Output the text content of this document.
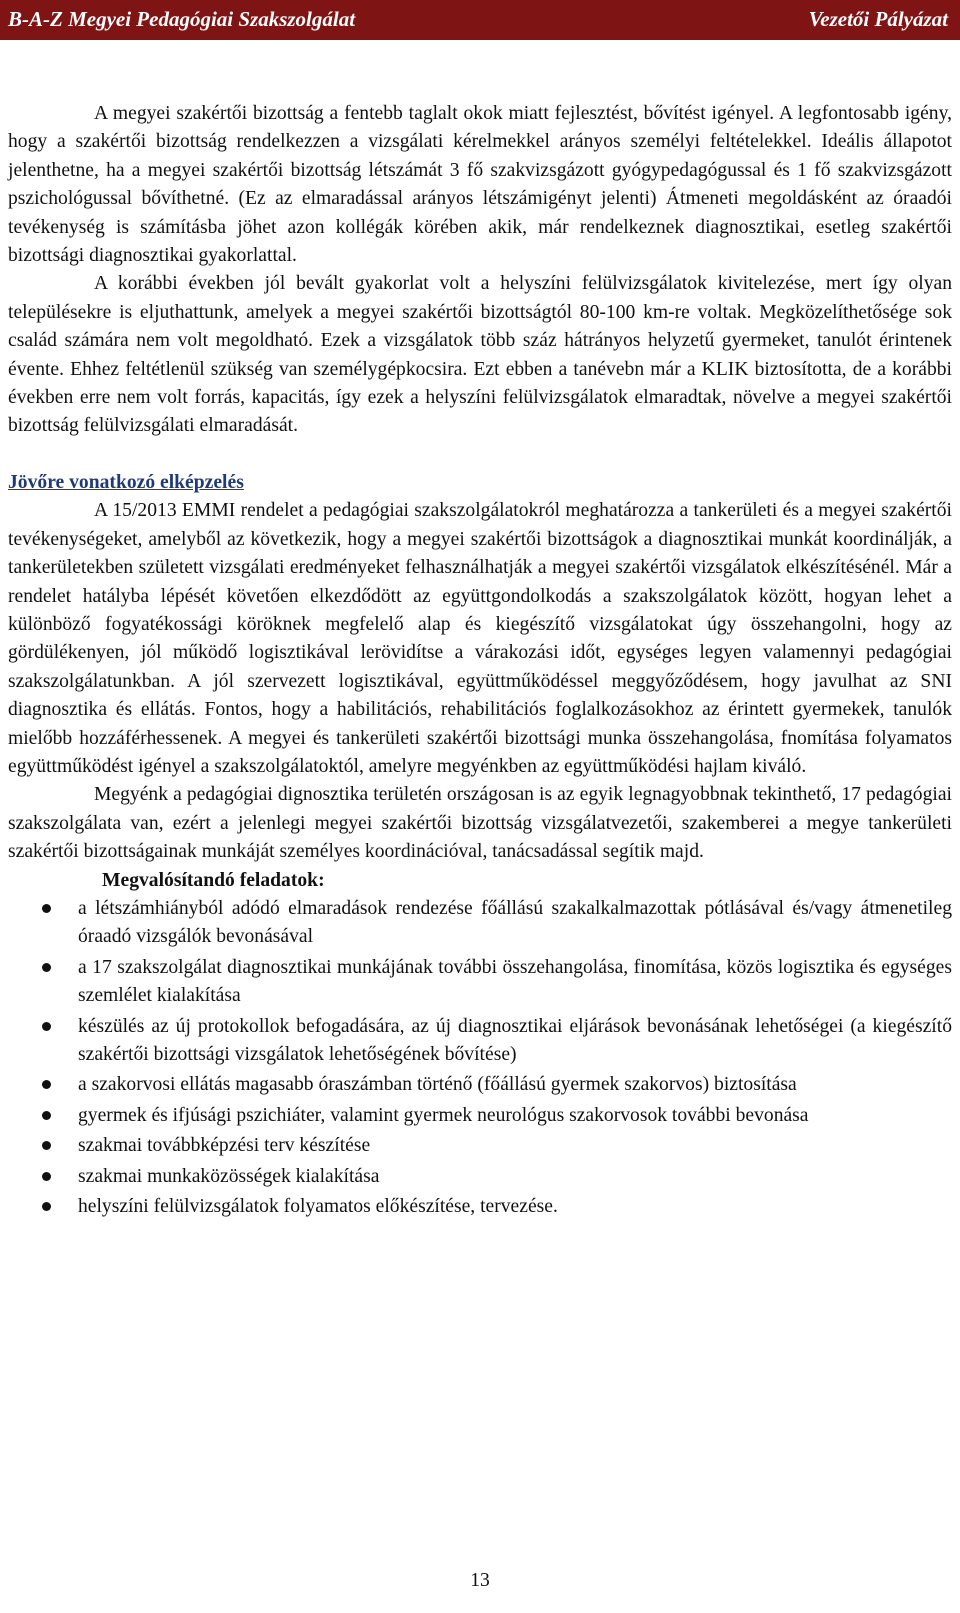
B-A-Z Megyei Pedagógiai Szakszolgálat	Vezetői Pályázat

A megyei szakértői bizottság a fentebb taglalt okok miatt fejlesztést, bővítést igényel. A legfontosabb igény, hogy a szakértői bizottság rendelkezzen a vizsgálati kérelmekkel arányos személyi feltételekkel. Ideális állapotot jelenthetne, ha a megyei szakértői bizottság létszámát 3 fő szakvizsgázott gyógypedagógussal és 1 fő szakvizsgázott pszichológussal bővíthetné. (Ez az elmaradással arányos létszámigényt jelenti) Átmeneti megoldásként az óraadói tevékenység is számításba jöhet azon kollégák körében akik, már rendelkeznek diagnosztikai, esetleg szakértői bizottsági diagnosztikai gyakorlattal.

A korábbi években jól bevált gyakorlat volt a helyszíni felülvizsgálatok kivitelezése, mert így olyan településekre is eljuthattunk, amelyek a megyei szakértői bizottságtól 80-100 km-re voltak. Megközelíthetősége sok család számára nem volt megoldható. Ezek a vizsgálatok több száz hátrányos helyzetű gyermeket, tanulót érintenek évente. Ehhez feltétlenül szükség van személygépkocsira. Ezt ebben a tanévebn már a KLIK biztosította, de a korábbi években erre nem volt forrás, kapacitás, így ezek a helyszíni felülvizsgálatok elmaradtak, növelve a megyei szakértői bizottság felülvizsgálati elmaradását.

Jövőre vonatkozó elképzelés

A 15/2013 EMMI rendelet a pedagógiai szakszolgálatokról meghatározza a tankerületi és a megyei szakértői tevékenységeket, amelyből az következik, hogy a megyei szakértői bizottságok a diagnosztikai munkát koordinálják, a tankerületekben született vizsgálati eredményeket felhasználhatják a megyei szakértői vizsgálatok elkészítésénél. Már a rendelet hatályba lépését követően elkezdődött az együttgondolkodás a szakszolgálatok között, hogyan lehet a különböző fogyatékossági köröknek megfelelő alap és kiegészítő vizsgálatokat úgy összehangolni, hogy az gördülékenyen, jól működő logisztikával lerövidítse a várakozási időt, egységes legyen valamennyi pedagógiai szakszolgálatunkban. A jól szervezett logisztikával, együttműködéssel meggyőződésem, hogy javulhat az SNI diagnosztika és ellátás. Fontos, hogy a habilitációs, rehabilitációs foglalkozásokhoz az érintett gyermekek, tanulók mielőbb hozzáférhessenek. A megyei és tankerületi szakértői bizottsági munka összehangolása, fnomítása folyamatos együttműködést igényel a szakszolgálatoktól, amelyre megyénkben az együttműködési hajlam kiváló.

Megyénk a pedagógiai dignosztika területén országosan is az egyik legnagyobbnak tekinthető, 17 pedagógiai szakszolgálata van, ezért a jelenlegi megyei szakértői bizottság vizsgálatvezetői, szakemberei a megye tankerületi szakértői bizottságainak munkáját személyes koordinációval, tanácsadással segítik majd.

Megvalósítandó feladatok:

a létszámhiányból adódó elmaradások rendezése főállású szakalkalmazottak pótlásával és/vagy átmenetileg óraadó vizsgálók bevonásával
a 17 szakszolgálat diagnosztikai munkájának további összehangolása, finomítása, közös logisztika és egységes szemlélet kialakítása
készülés az új protokollok befogadására, az új diagnosztikai eljárások bevonásának lehetőségei (a kiegészítő szakértői bizottsági vizsgálatok lehetőségének bővítése)
a szakorvosi ellátás magasabb óraszámban történő (főállású gyermek szakorvos) biztosítása
gyermek és ifjúsági pszichiáter, valamint gyermek neurológus szakorvosok további bevonása
szakmai továbbképzési terv készítése
szakmai munkaközösségek kialakítása
helyszíni felülvizsgálatok folyamatos előkészítése, tervezése.
13
